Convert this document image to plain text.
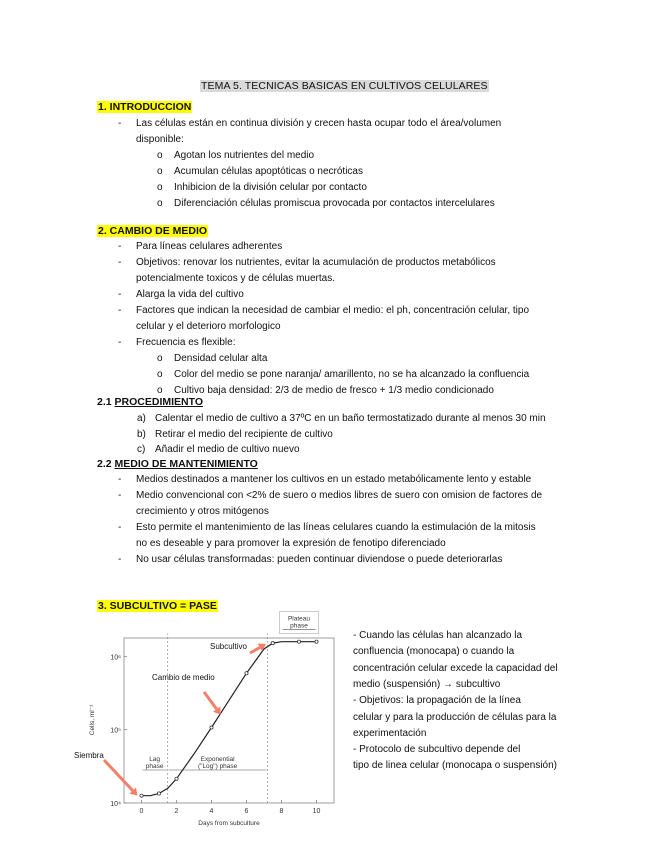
TEMA 5. TECNICAS BASICAS EN CULTIVOS CELULARES
1. INTRODUCCION
- Las células están en continua división y crecen hasta ocupar todo el área/volumen
disponible:
o Agotan los nutrientes del medio
o Acumulan células apoptóticas o necróticas
o Inhibicion de la división celular por contacto
o Diferenciación células promiscua provocada por contactos intercelulares
2. CAMBIO DE MEDIO
- Para líneas celulares adherentes
- Objetivos: renovar los nutrientes, evitar la acumulación de productos metabólicos
potencialmente toxicos y de células muertas.
- Alarga la vida del cultivo
- Factores que indican la necesidad de cambiar el medio: el ph, concentración celular, tipo
celular y el deterioro morfologico
- Frecuencia es flexible:
o Densidad celular alta
o Color del medio se pone naranja/ amarillento, no se ha alcanzado la confluencia
o Cultivo baja densidad: 2/3 de medio de fresco + 1/3 medio condicionado
2.1 PROCEDIMIENTO
a) Calentar el medio de cultivo a 37ºC en un baño termostatizado durante al menos 30 min
b) Retirar el medio del recipiente de cultivo
c) Añadir el medio de cultivo nuevo
2.2 MEDIO DE MANTENIMIENTO
- Medios destinados a mantener los cultivos en un estado metabólicamente lento y estable
- Medio convencional con <2% de suero o medios libres de suero con omision de factores de
crecimiento y otros mitógenos
- Esto permite el mantenimiento de las líneas celulares cuando la estimulación de la mitosis
no es deseable y para promover la expresión de fenotipo diferenciado
- No usar células transformadas: pueden continuar diviendose o puede deteriorarlas
3. SUBCULTIVO = PASE
- Cuando las células han alcanzado la
confluencia (monocapa) o cuando la
concentración celular excede la capacidad del
medio (suspensión) → subcultivo
- Objetivos: la propagación de la línea
celular y para la producción de células para la
experimentación
- Protocolo de subcultivo depende del
tipo de linea celular (monocapa o suspensión)
0	2	4	6	8	10
10⁴
10⁵
10⁶
Days from subculture
Cells, ml⁻¹
Lag
phase
Exponential
("Log") phase
Plateau
phase
Siembra
Cambio de medio
Subcultivo
